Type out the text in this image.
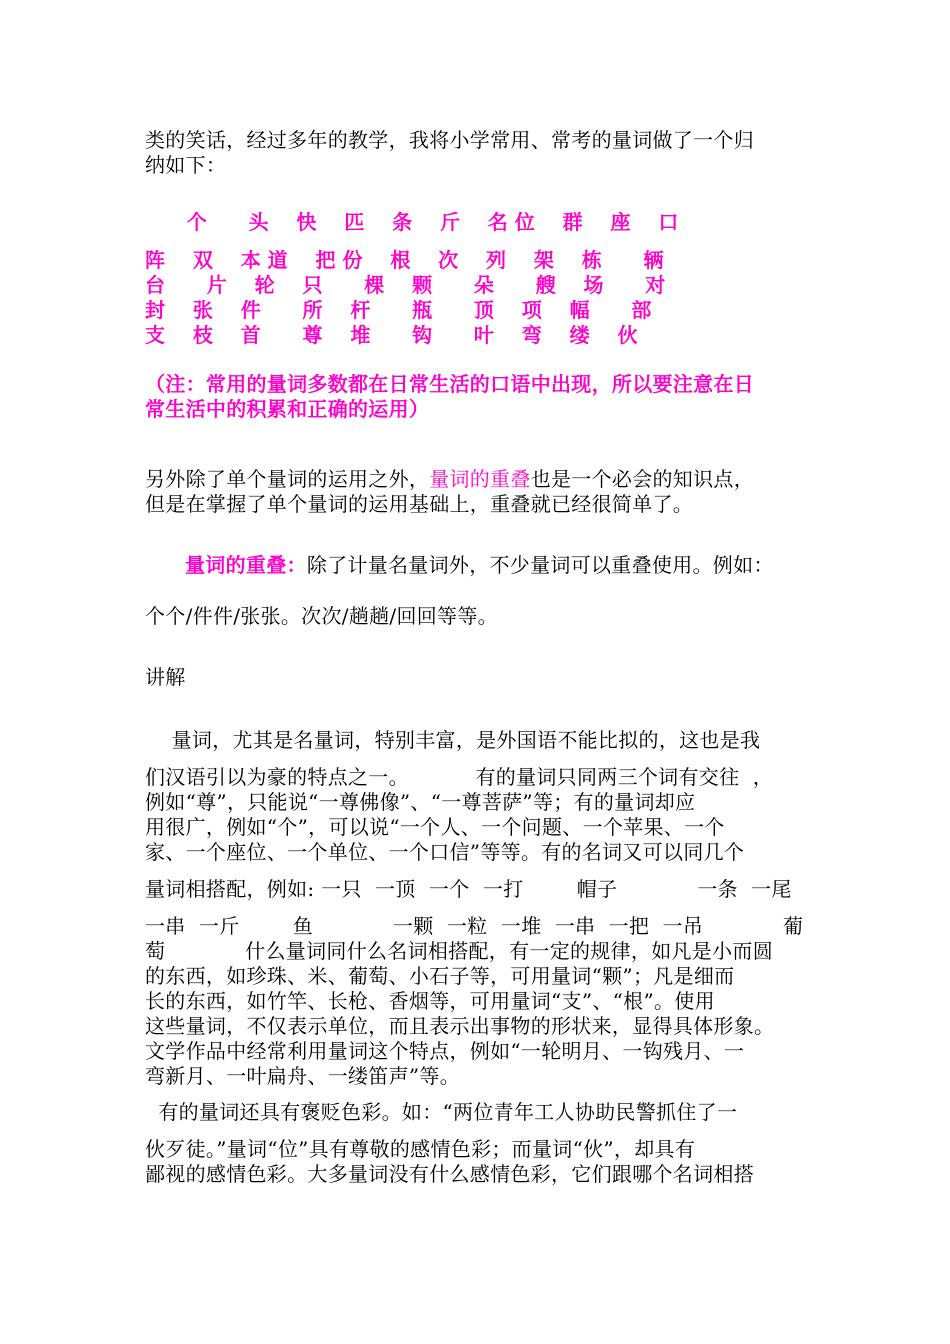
类的笑话，经过多年的教学，我将小学常用、常考的量词做了一个归
纳如下：
个      头    快    匹    条    斤    名 位    群    座    口
阵    双    本 道    把 份    根    次    列    架    栋      辆
台      片    轮    只      棵    颗      朵      艘    场      对
封    张    件      所    杆      瓶      顶    项    幅      部
支    枝    首      尊    堆      钩      叶    弯    缕    伙
（注：常用的量词多数都在日常生活的口语中出现，所以要注意在日
常生活中的积累和正确的运用）
另外除了单个量词的运用之外，量词的重叠也是一个必会的知识点，
但是在掌握了单个量词的运用基础上，重叠就已经很简单了。
量词的重叠：除了计量名量词外，不少量词可以重叠使用。例如：
个个/件件/张张。次次/趟趟/回回等等。
讲解
量词，尤其是名量词，特别丰富，是外国语不能比拟的，这也是我
们汉语引以为豪的特点之一。          有的量词只同两三个词有交往  ，
例如“尊”，只能说“一尊佛像”、“一尊菩萨”等；有的量词却应
用很广，例如“个”，可以说“一个人、一个问题、一个苹果、一个
家、一个座位、一个单位、一个口信”等等。有的名词又可以同几个
量词相搭配，例如: 一只  一顶  一个  一打        帽子            一条  一尾
一串  一斤        鱼            一颗  一粒  一堆  一串  一把  一吊            葡
萄            什么量词同什么名词相搭配，有一定的规律，如凡是小而圆
的东西，如珍珠、米、葡萄、小石子等，可用量词“颗”；凡是细而
长的东西，如竹竿、长枪、香烟等，可用量词“支”、“根”。使用
这些量词，不仅表示单位，而且表示出事物的形状来，显得具体形象。
文学作品中经常利用量词这个特点，例如“一轮明月、一钩残月、一
弯新月、一叶扁舟、一缕笛声”等。
有的量词还具有褒贬色彩。如：“两位青年工人协助民警抓住了一
伙歹徒。”量词“位”具有尊敬的感情色彩；而量词“伙”，却具有
鄙视的感情色彩。大多量词没有什么感情色彩，它们跟哪个名词相搭
